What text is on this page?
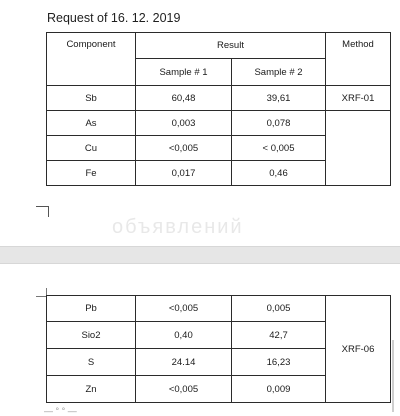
Request of 16. 12. 2019
Component	Result		Method
	Sample # 1	Sample # 2	
Sb	60,48	39,61	XRF-01
As	0,003	0,078	
Cu	<0,005	< 0,005	
Fe	0,017	0,46	
объявлений
Pb	<0,005	0,005	XRF-06
Sio2	0,40	42,7	
S	24.14	16,23	
Zn	<0,005	0,009	
— ° ° —
